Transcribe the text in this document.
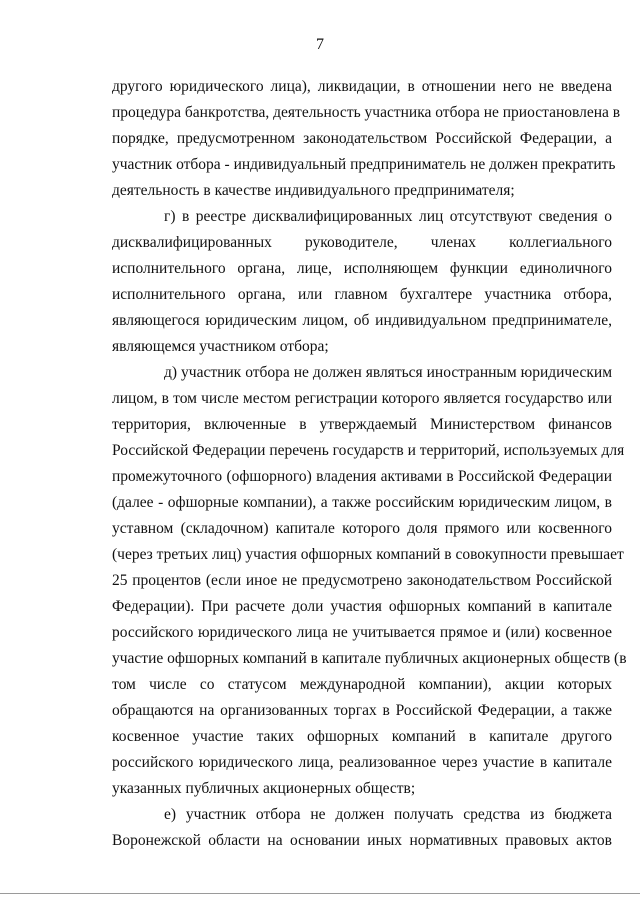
7
другого юридического лица), ликвидации, в отношении него не введена
процедура банкротства, деятельность участника отбора не приостановлена в
порядке, предусмотренном законодательством Российской Федерации, а
участник отбора - индивидуальный предприниматель не должен прекратить
деятельность в качестве индивидуального предпринимателя;
г) в реестре дисквалифицированных лиц отсутствуют сведения о
дисквалифицированных руководителе, членах коллегиального
исполнительного органа, лице, исполняющем функции единоличного
исполнительного органа, или главном бухгалтере участника отбора,
являющегося юридическим лицом, об индивидуальном предпринимателе,
являющемся участником отбора;
д) участник отбора не должен являться иностранным юридическим
лицом, в том числе местом регистрации которого является государство или
территория, включенные в утверждаемый Министерством финансов
Российской Федерации перечень государств и территорий, используемых для
промежуточного (офшорного) владения активами в Российской Федерации
(далее - офшорные компании), а также российским юридическим лицом, в
уставном (складочном) капитале которого доля прямого или косвенного
(через третьих лиц) участия офшорных компаний в совокупности превышает
25 процентов (если иное не предусмотрено законодательством Российской
Федерации). При расчете доли участия офшорных компаний в капитале
российского юридического лица не учитывается прямое и (или) косвенное
участие офшорных компаний в капитале публичных акционерных обществ (в
том числе со статусом международной компании), акции которых
обращаются на организованных торгах в Российской Федерации, а также
косвенное участие таких офшорных компаний в капитале другого
российского юридического лица, реализованное через участие в капитале
указанных публичных акционерных обществ;
е) участник отбора не должен получать средства из бюджета
Воронежской области на основании иных нормативных правовых актов
